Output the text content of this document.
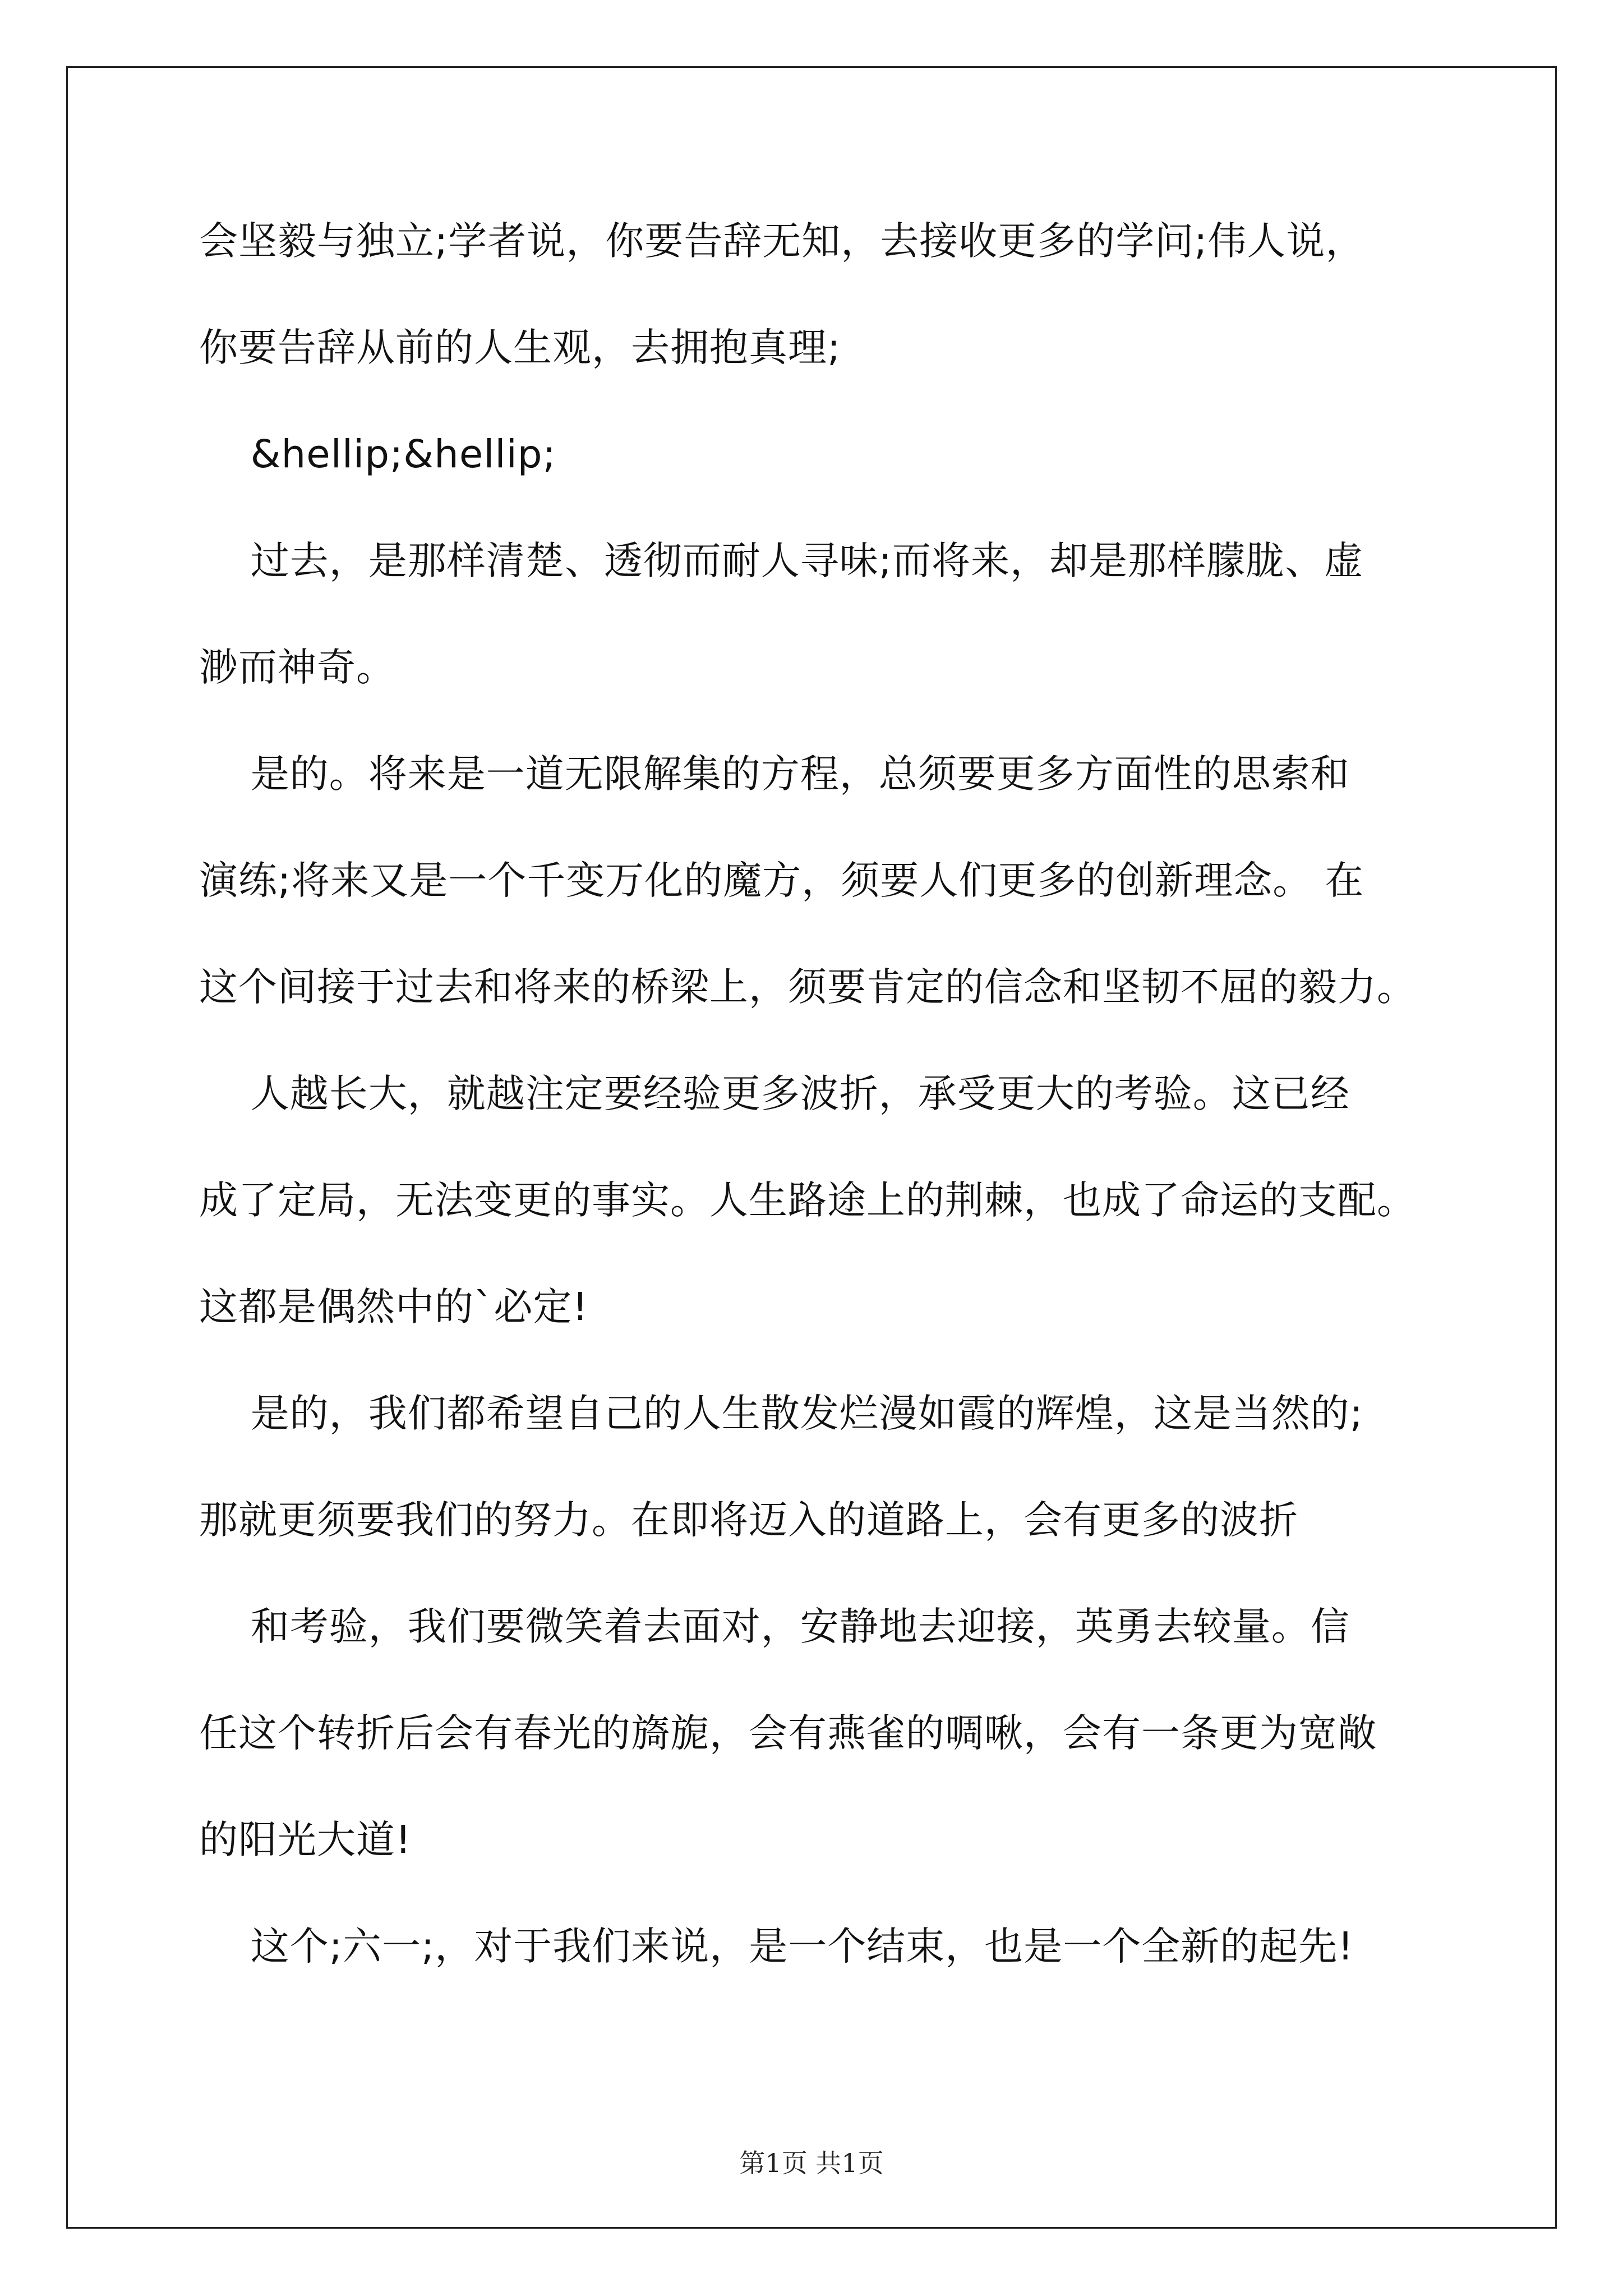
会坚毅与独立;学者说，你要告辞无知，去接收更多的学问;伟人说，
你要告辞从前的人生观，去拥抱真理;
&hellip;&hellip;
过去，是那样清楚、透彻而耐人寻味;而将来，却是那样朦胧、虚
渺而神奇。
是的。将来是一道无限解集的方程，总须要更多方面性的思索和
演练;将来又是一个千变万化的魔方，须要人们更多的创新理念。 在
这个间接于过去和将来的桥梁上，须要肯定的信念和坚韧不屈的毅力。
人越长大，就越注定要经验更多波折，承受更大的考验。这已经
成了定局，无法变更的事实。人生路途上的荆棘，也成了命运的支配。
这都是偶然中的`必定!
是的，我们都希望自己的人生散发烂漫如霞的辉煌，这是当然的;
那就更须要我们的努力。在即将迈入的道路上，会有更多的波折
和考验，我们要微笑着去面对，安静地去迎接，英勇去较量。信
任这个转折后会有春光的旖旎，会有燕雀的啁啾，会有一条更为宽敞
的阳光大道!
这个;六一;，对于我们来说，是一个结束，也是一个全新的起先!
第1页 共1页
